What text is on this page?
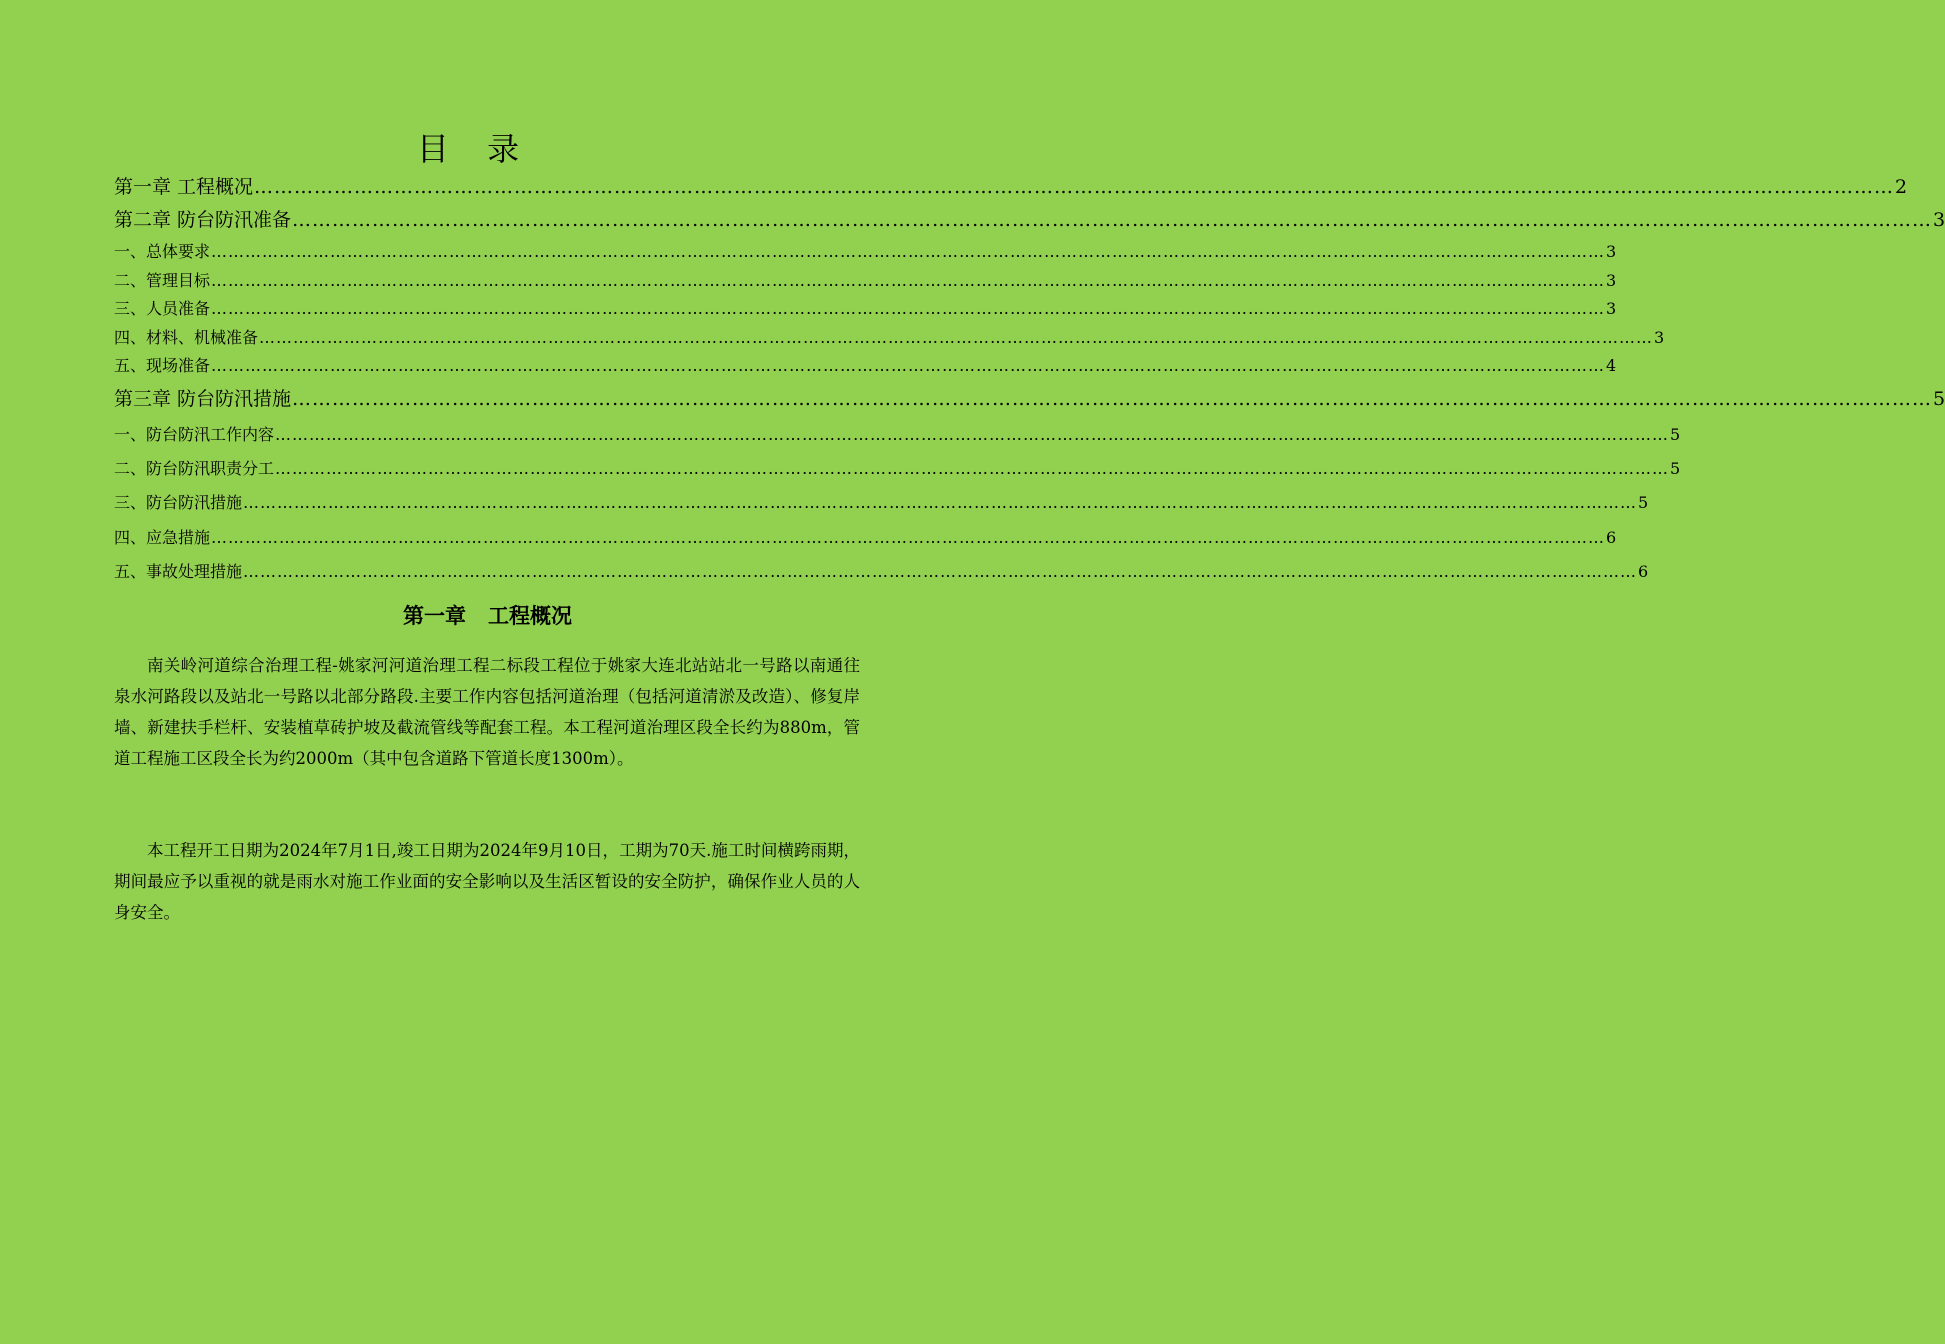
目 录
第一章 工程概况 ………………………………………………………………………………………………………………………………………………………………………………………………………………………… 2
第二章 防台防汛准备 ………………………………………………………………………………………………………………………………………………………………………………………………………………………… 3
一、总体要求 ………………………………………………………………………………………………………………………………………………………………………………………………………………………… 3
二、管理目标 ………………………………………………………………………………………………………………………………………………………………………………………………………………………… 3
三、人员准备 ………………………………………………………………………………………………………………………………………………………………………………………………………………………… 3
四、材料、机械准备 ………………………………………………………………………………………………………………………………………………………………………………………………………………………… 3
五、现场准备 ………………………………………………………………………………………………………………………………………………………………………………………………………………………… 4
第三章 防台防汛措施 ………………………………………………………………………………………………………………………………………………………………………………………………………………………… 5
一、防台防汛工作内容 ………………………………………………………………………………………………………………………………………………………………………………………………………………………… 5
二、防台防汛职责分工 ………………………………………………………………………………………………………………………………………………………………………………………………………………………… 5
三、防台防汛措施 ………………………………………………………………………………………………………………………………………………………………………………………………………………………… 5
四、应急措施 ………………………………………………………………………………………………………………………………………………………………………………………………………………………… 6
五、事故处理措施 ………………………………………………………………………………………………………………………………………………………………………………………………………………………… 6
第一章   工程概况

南关岭河道综合治理工程-姚家河河道治理工程二标段工程位于姚家大连北站站北一号路以南通往泉水河路段以及站北一号路以北部分路段.主要工作内容包括河道治理（包括河道清淤及改造）、修复岸墙、新建扶手栏杆、安装植草砖护坡及截流管线等配套工程。本工程河道治理区段全长约为880m，管道工程施工区段全长为约2000m（其中包含道路下管道长度1300m）。

本工程开工日期为2024年7月1日,竣工日期为2024年9月10日，工期为70天.施工时间横跨雨期，期间最应予以重视的就是雨水对施工作业面的安全影响以及生活区暂设的安全防护，确保作业人员的人身安全。
